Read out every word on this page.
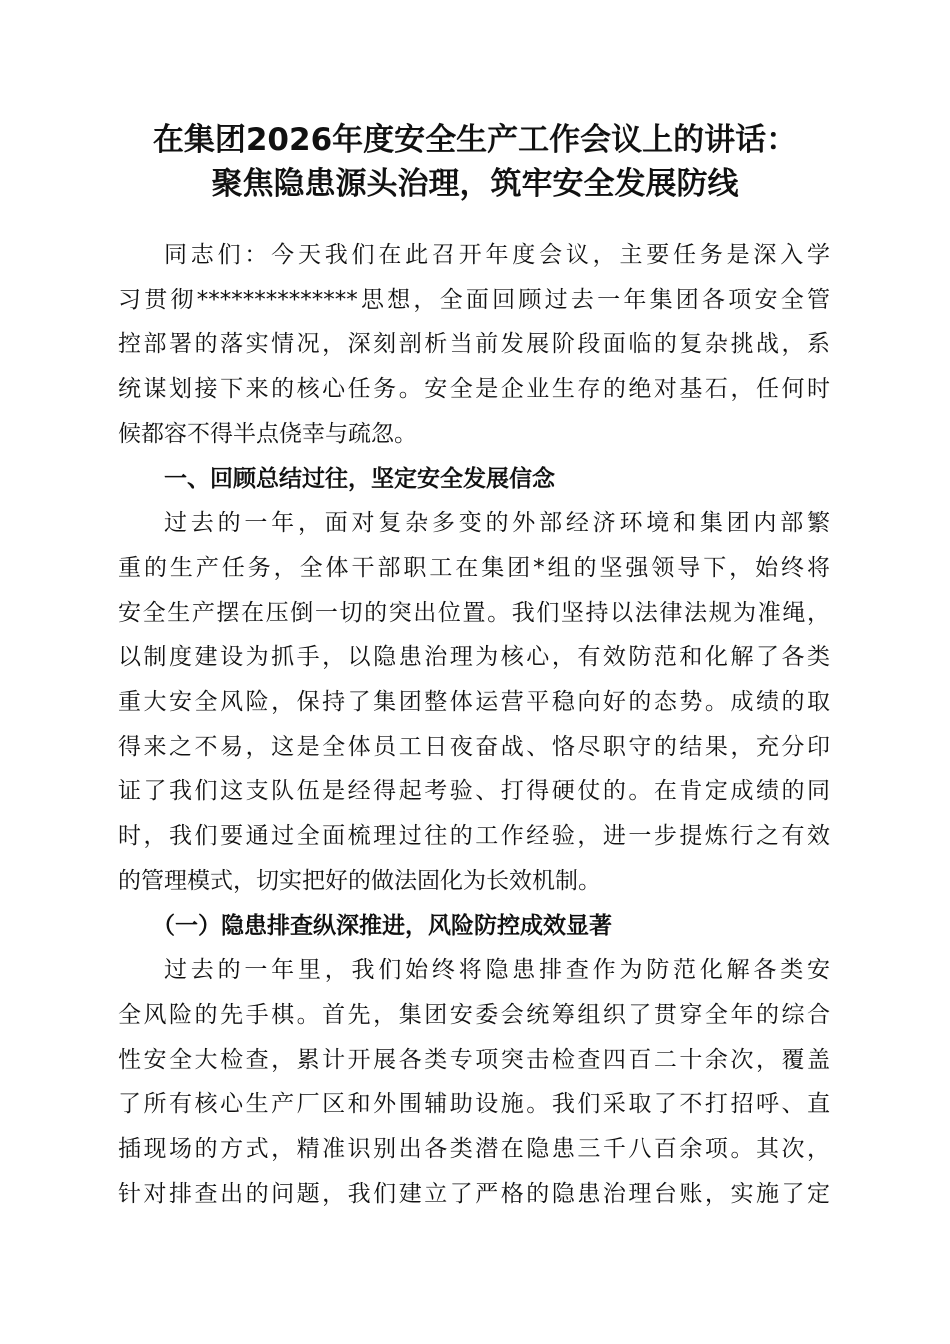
在集团2026年度安全生产工作会议上的讲话：
聚焦隐患源头治理，筑牢安全发展防线
同志们：今天我们在此召开年度会议，主要任务是深入学
习贯彻**************思想，全面回顾过去一年集团各项安全管
控部署的落实情况，深刻剖析当前发展阶段面临的复杂挑战，系
统谋划接下来的核心任务。安全是企业生存的绝对基石，任何时
候都容不得半点侥幸与疏忽。
一、回顾总结过往，坚定安全发展信念
过去的一年，面对复杂多变的外部经济环境和集团内部繁
重的生产任务，全体干部职工在集团*组的坚强领导下，始终将
安全生产摆在压倒一切的突出位置。我们坚持以法律法规为准绳，
以制度建设为抓手，以隐患治理为核心，有效防范和化解了各类
重大安全风险，保持了集团整体运营平稳向好的态势。成绩的取
得来之不易，这是全体员工日夜奋战、恪尽职守的结果，充分印
证了我们这支队伍是经得起考验、打得硬仗的。在肯定成绩的同
时，我们要通过全面梳理过往的工作经验，进一步提炼行之有效
的管理模式，切实把好的做法固化为长效机制。
（一）隐患排查纵深推进，风险防控成效显著
过去的一年里，我们始终将隐患排查作为防范化解各类安
全风险的先手棋。首先，集团安委会统筹组织了贯穿全年的综合
性安全大检查，累计开展各类专项突击检查四百二十余次，覆盖
了所有核心生产厂区和外围辅助设施。我们采取了不打招呼、直
插现场的方式，精准识别出各类潜在隐患三千八百余项。其次，
针对排查出的问题，我们建立了严格的隐患治理台账，实施了定
